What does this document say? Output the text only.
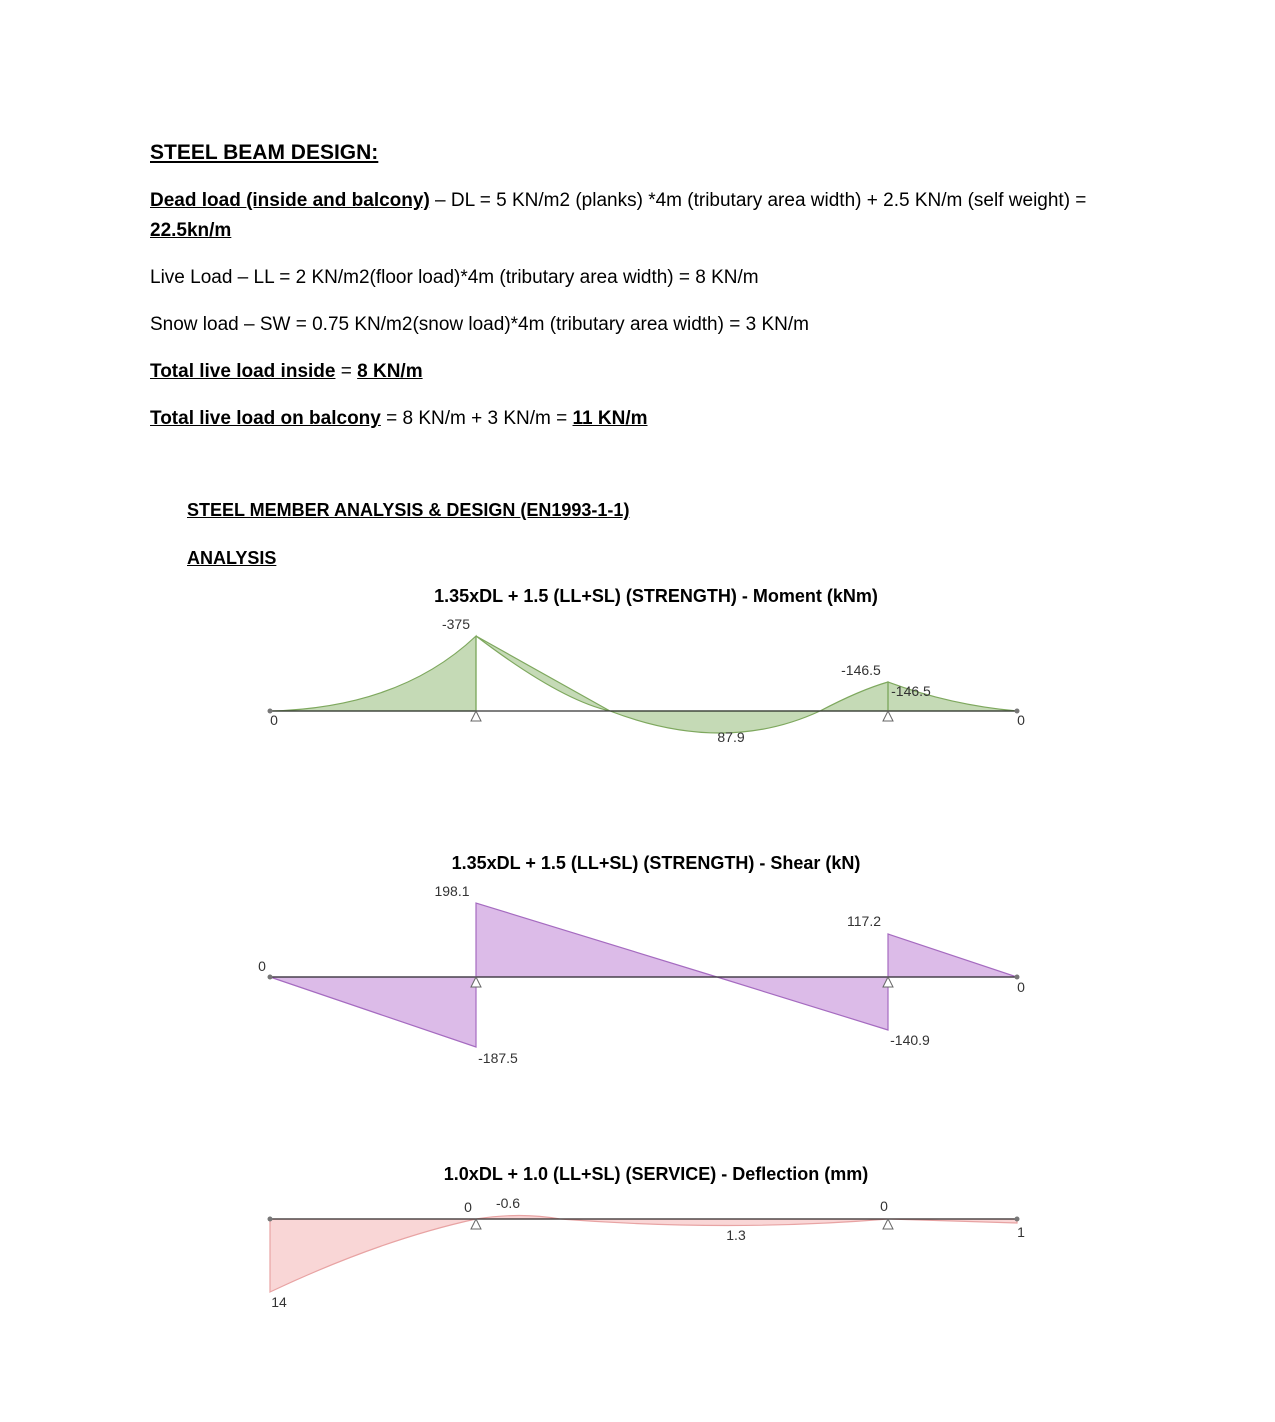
STEEL BEAM DESIGN:

Dead load (inside and balcony) – DL = 5 KN/m2 (planks) *4m (tributary area width) + 2.5 KN/m (self weight) = 22.5kn/m

Live Load – LL = 2 KN/m2(floor load)*4m (tributary area width) = 8 KN/m

Snow load – SW = 0.75 KN/m2(snow load)*4m (tributary area width) = 3 KN/m

Total live load inside = 8 KN/m

Total live load on balcony = 8 KN/m + 3 KN/m = 11 KN/m

STEEL MEMBER ANALYSIS & DESIGN (EN1993-1-1)
ANALYSIS
1.35xDL + 1.5 (LL+SL) (STRENGTH) - Moment (kNm)
-375
-146.5
-146.5
87.9
0	0
1.35xDL + 1.5 (LL+SL) (STRENGTH) - Shear (kN)
198.1
117.2
0
0
-187.5
-140.9
1.0xDL + 1.0 (LL+SL) (SERVICE) - Deflection (mm)
0 -0.6	0
1.3	1
14
